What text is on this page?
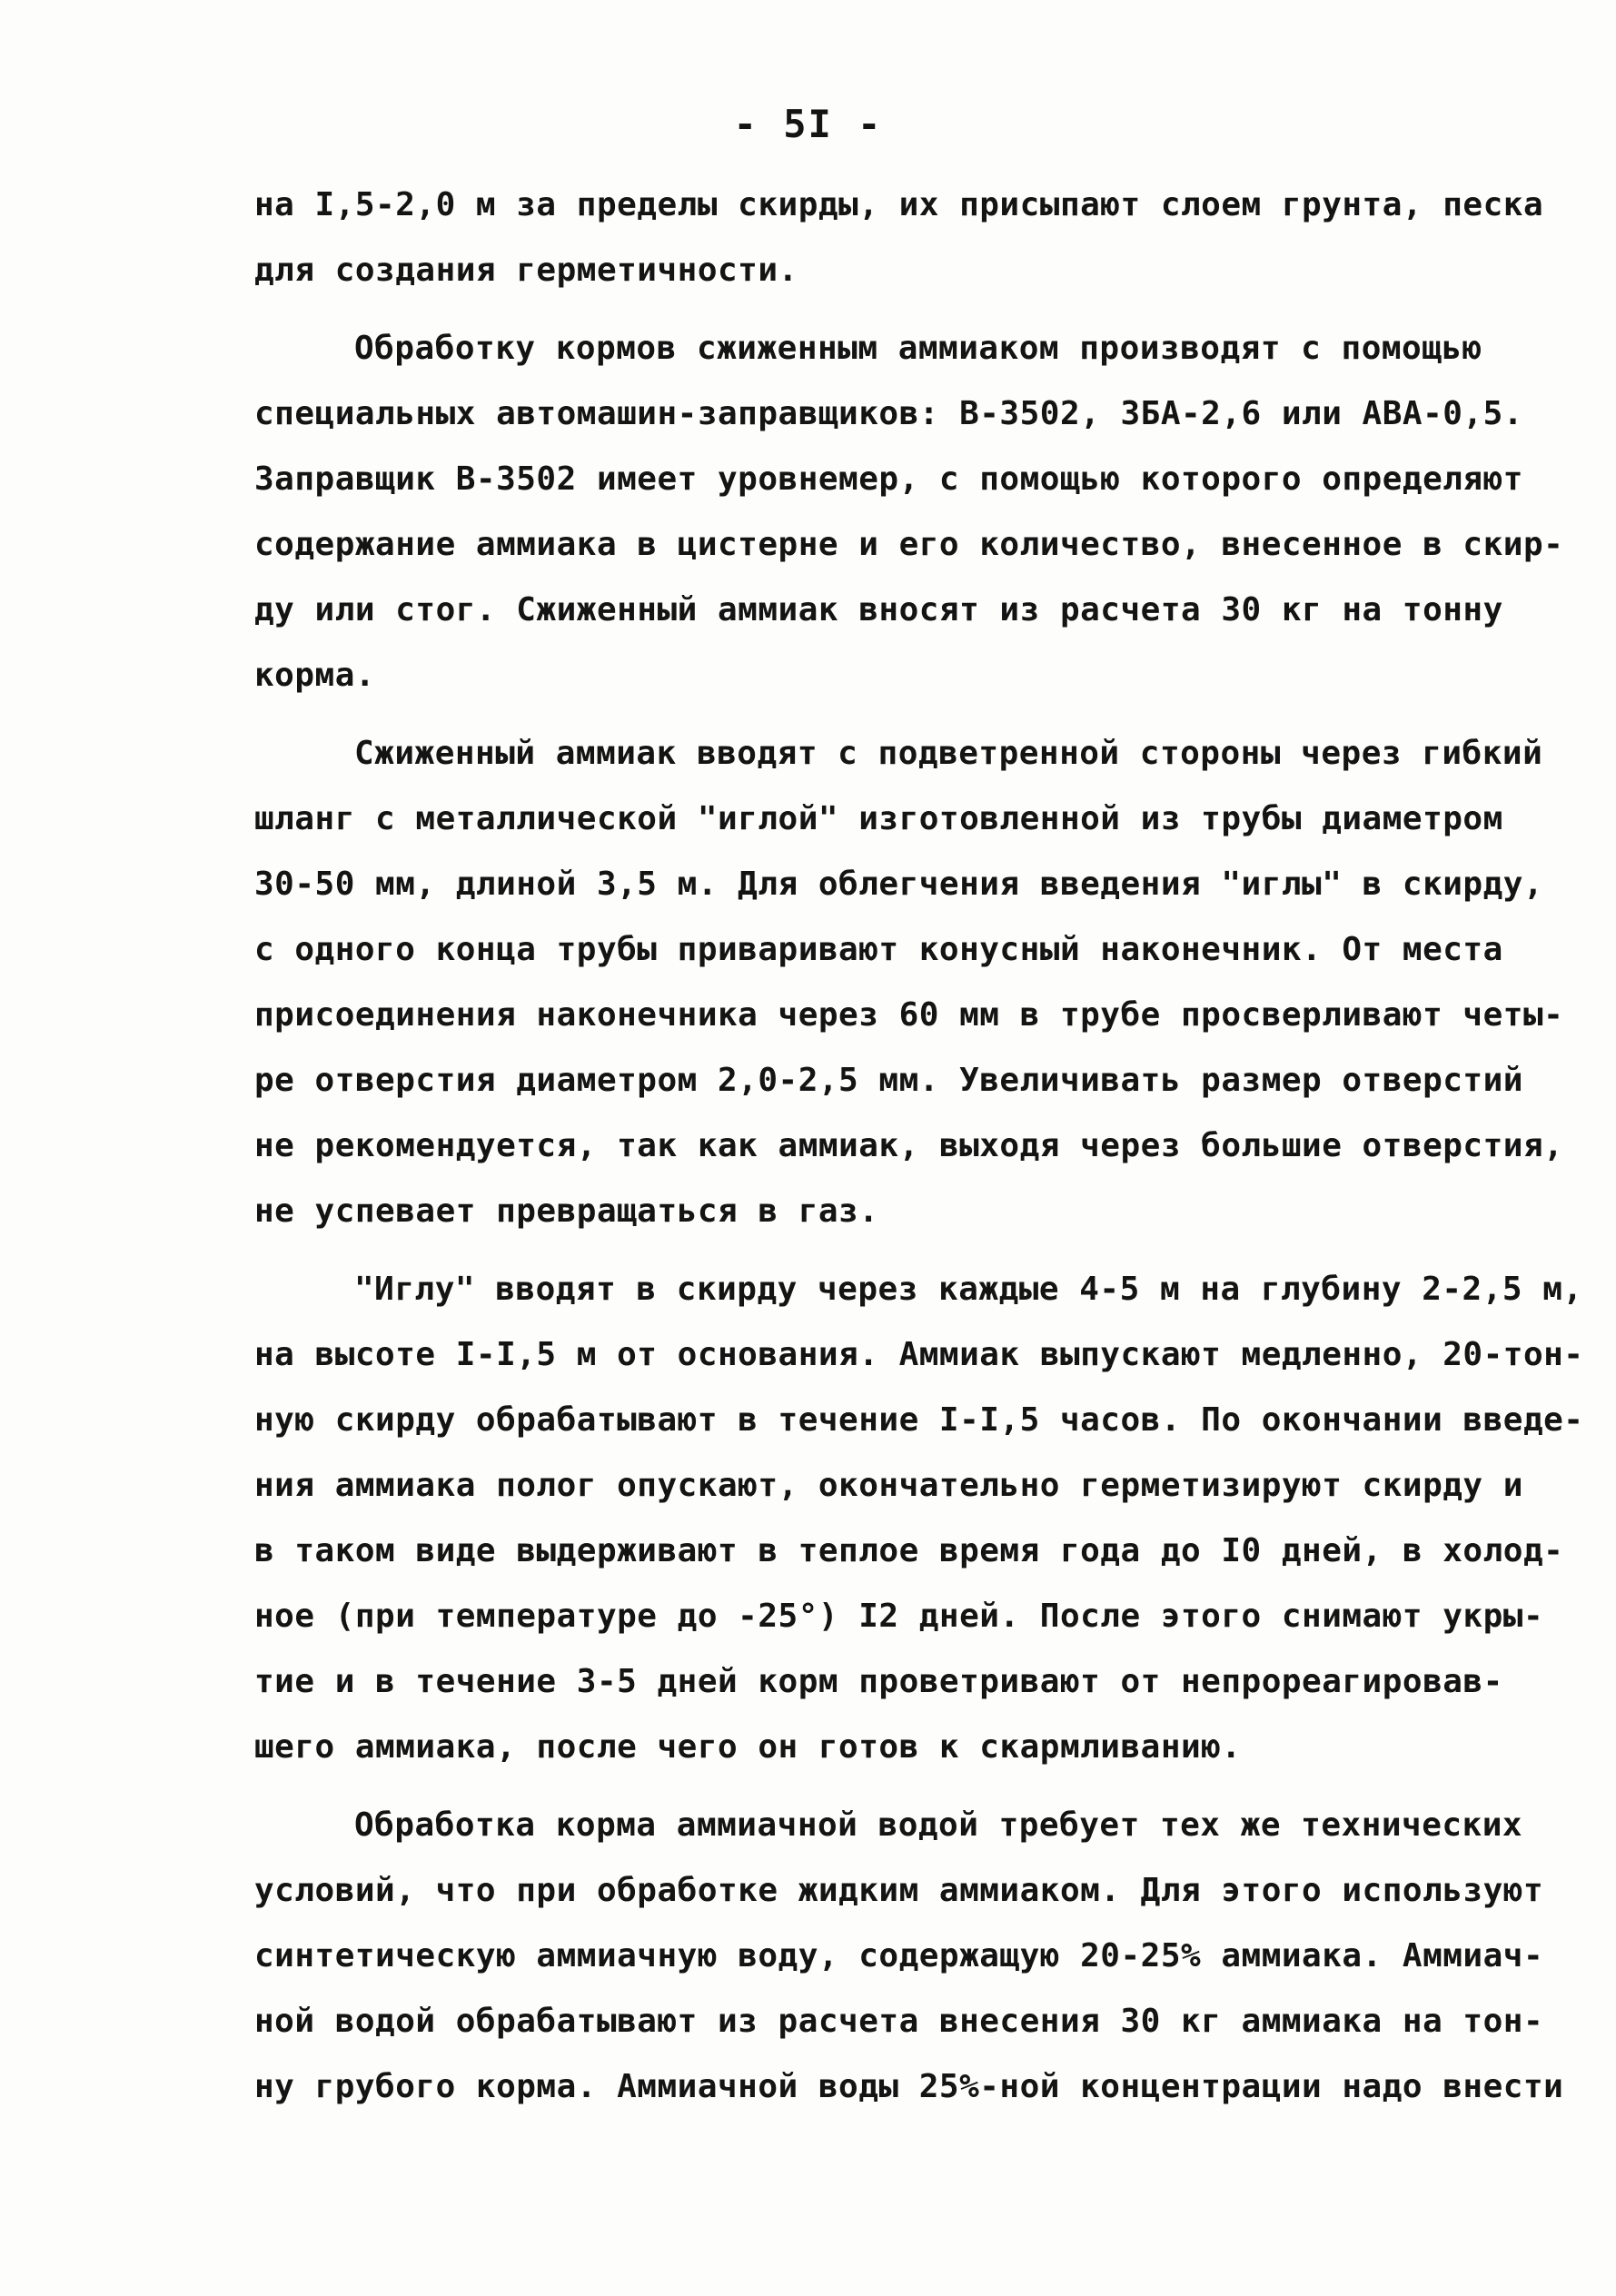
- 5I -
на I,5-2,0 м за пределы скирды, их присыпают слоем грунта, песка
для создания герметичности.
Обработку кормов сжиженным аммиаком производят с помощью
специальных автомашин-заправщиков: В-3502, ЗБА-2,6 или АВА-0,5.
Заправщик В-3502 имеет уровнемер, с помощью которого определяют
содержание аммиака в цистерне и его количество, внесенное в скир-
ду или стог. Сжиженный аммиак вносят из расчета 30 кг на тонну
корма.
Сжиженный аммиак вводят с подветренной стороны через гибкий
шланг с металлической "иглой" изготовленной из трубы диаметром
30-50 мм, длиной 3,5 м. Для облегчения введения "иглы" в скирду,
с одного конца трубы приваривают конусный наконечник. От места
присоединения наконечника через 60 мм в трубе просверливают четы-
ре отверстия диаметром 2,0-2,5 мм. Увеличивать размер отверстий
не рекомендуется, так как аммиак, выходя через большие отверстия,
не успевает превращаться в газ.
"Иглу" вводят в скирду через каждые 4-5 м на глубину 2-2,5 м,
на высоте I-I,5 м от основания. Аммиак выпускают медленно, 20-тон-
ную скирду обрабатывают в течение I-I,5 часов. По окончании введе-
ния аммиака полог опускают, окончательно герметизируют скирду и
в таком виде выдерживают в теплое время года до I0 дней, в холод-
ное (при температуре до -25°) I2 дней. После этого снимают укры-
тие и в течение 3-5 дней корм проветривают от непрореагировав-
шего аммиака, после чего он готов к скармливанию.
Обработка корма аммиачной водой требует тех же технических
условий, что при обработке жидким аммиаком. Для этого используют
синтетическую аммиачную воду, содержащую 20-25% аммиака. Аммиач-
ной водой обрабатывают из расчета внесения 30 кг аммиака на тон-
ну грубого корма. Аммиачной воды 25%-ной концентрации надо внести
